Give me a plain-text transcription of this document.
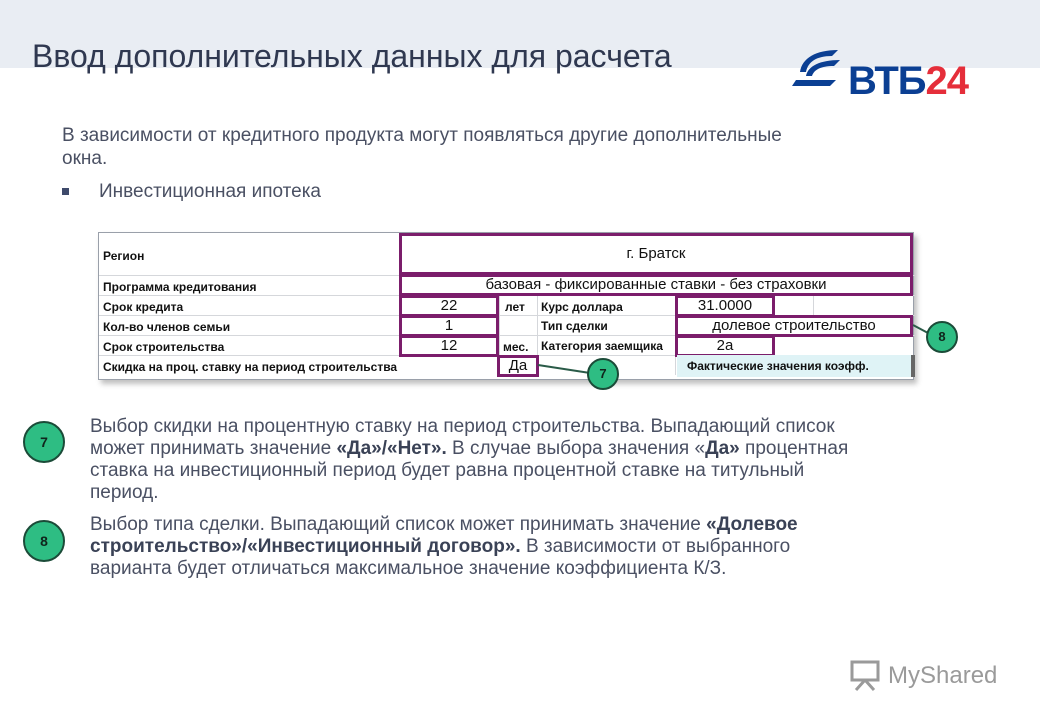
Ввод дополнительных данных для расчета
ВТБ24
В зависимости от кредитного продукта могут появляться другие дополнительные
окна.
Инвестиционная ипотека
Регион
Программа кредитования
Срок кредита
Кол-во членов семьи
Срок строительства
Скидка на проц. ставку на период строительства
лет
мес.
Курс доллара
Тип сделки
Категория заемщика
г. Братск
базовая - фиксированные ставки - без страховки
22
1
12
Да
31.0000
долевое строительство
2а
Фактические значения коэфф.
7
8
7
Выбор скидки на процентную ставку на период строительства. Выпадающий список
может принимать значение «Да»/«Нет». В случае выбора значения «Да» процентная
ставка на инвестиционный период будет равна процентной ставке на титульный
период.
8
Выбор типа сделки. Выпадающий список может принимать значение «Долевое
строительство»/«Инвестиционный договор». В зависимости от выбранного
варианта будет отличаться максимальное значение коэффициента К/З.
MyShared
